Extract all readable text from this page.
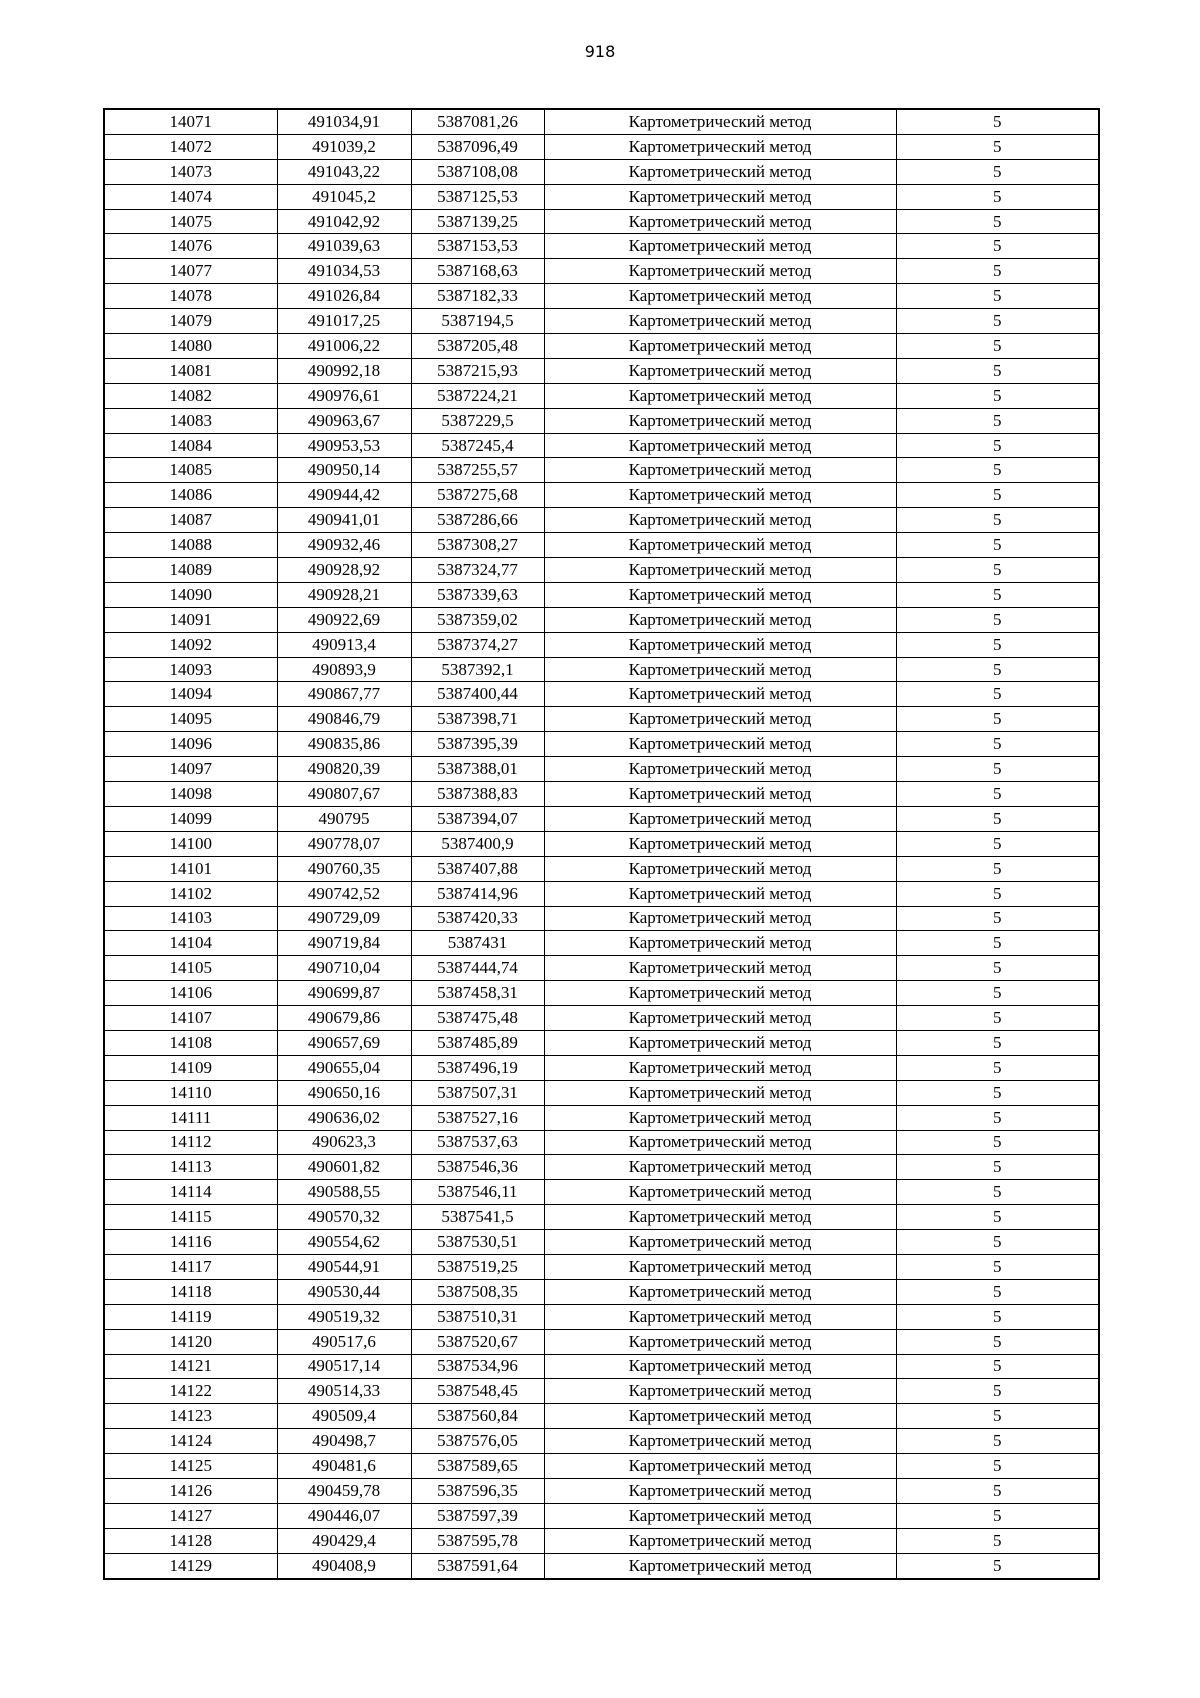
918
14071	491034,91	5387081,26	Картометрический метод	5
14072	491039,2	5387096,49	Картометрический метод	5
14073	491043,22	5387108,08	Картометрический метод	5
14074	491045,2	5387125,53	Картометрический метод	5
14075	491042,92	5387139,25	Картометрический метод	5
14076	491039,63	5387153,53	Картометрический метод	5
14077	491034,53	5387168,63	Картометрический метод	5
14078	491026,84	5387182,33	Картометрический метод	5
14079	491017,25	5387194,5	Картометрический метод	5
14080	491006,22	5387205,48	Картометрический метод	5
14081	490992,18	5387215,93	Картометрический метод	5
14082	490976,61	5387224,21	Картометрический метод	5
14083	490963,67	5387229,5	Картометрический метод	5
14084	490953,53	5387245,4	Картометрический метод	5
14085	490950,14	5387255,57	Картометрический метод	5
14086	490944,42	5387275,68	Картометрический метод	5
14087	490941,01	5387286,66	Картометрический метод	5
14088	490932,46	5387308,27	Картометрический метод	5
14089	490928,92	5387324,77	Картометрический метод	5
14090	490928,21	5387339,63	Картометрический метод	5
14091	490922,69	5387359,02	Картометрический метод	5
14092	490913,4	5387374,27	Картометрический метод	5
14093	490893,9	5387392,1	Картометрический метод	5
14094	490867,77	5387400,44	Картометрический метод	5
14095	490846,79	5387398,71	Картометрический метод	5
14096	490835,86	5387395,39	Картометрический метод	5
14097	490820,39	5387388,01	Картометрический метод	5
14098	490807,67	5387388,83	Картометрический метод	5
14099	490795	5387394,07	Картометрический метод	5
14100	490778,07	5387400,9	Картометрический метод	5
14101	490760,35	5387407,88	Картометрический метод	5
14102	490742,52	5387414,96	Картометрический метод	5
14103	490729,09	5387420,33	Картометрический метод	5
14104	490719,84	5387431	Картометрический метод	5
14105	490710,04	5387444,74	Картометрический метод	5
14106	490699,87	5387458,31	Картометрический метод	5
14107	490679,86	5387475,48	Картометрический метод	5
14108	490657,69	5387485,89	Картометрический метод	5
14109	490655,04	5387496,19	Картометрический метод	5
14110	490650,16	5387507,31	Картометрический метод	5
14111	490636,02	5387527,16	Картометрический метод	5
14112	490623,3	5387537,63	Картометрический метод	5
14113	490601,82	5387546,36	Картометрический метод	5
14114	490588,55	5387546,11	Картометрический метод	5
14115	490570,32	5387541,5	Картометрический метод	5
14116	490554,62	5387530,51	Картометрический метод	5
14117	490544,91	5387519,25	Картометрический метод	5
14118	490530,44	5387508,35	Картометрический метод	5
14119	490519,32	5387510,31	Картометрический метод	5
14120	490517,6	5387520,67	Картометрический метод	5
14121	490517,14	5387534,96	Картометрический метод	5
14122	490514,33	5387548,45	Картометрический метод	5
14123	490509,4	5387560,84	Картометрический метод	5
14124	490498,7	5387576,05	Картометрический метод	5
14125	490481,6	5387589,65	Картометрический метод	5
14126	490459,78	5387596,35	Картометрический метод	5
14127	490446,07	5387597,39	Картометрический метод	5
14128	490429,4	5387595,78	Картометрический метод	5
14129	490408,9	5387591,64	Картометрический метод	5
